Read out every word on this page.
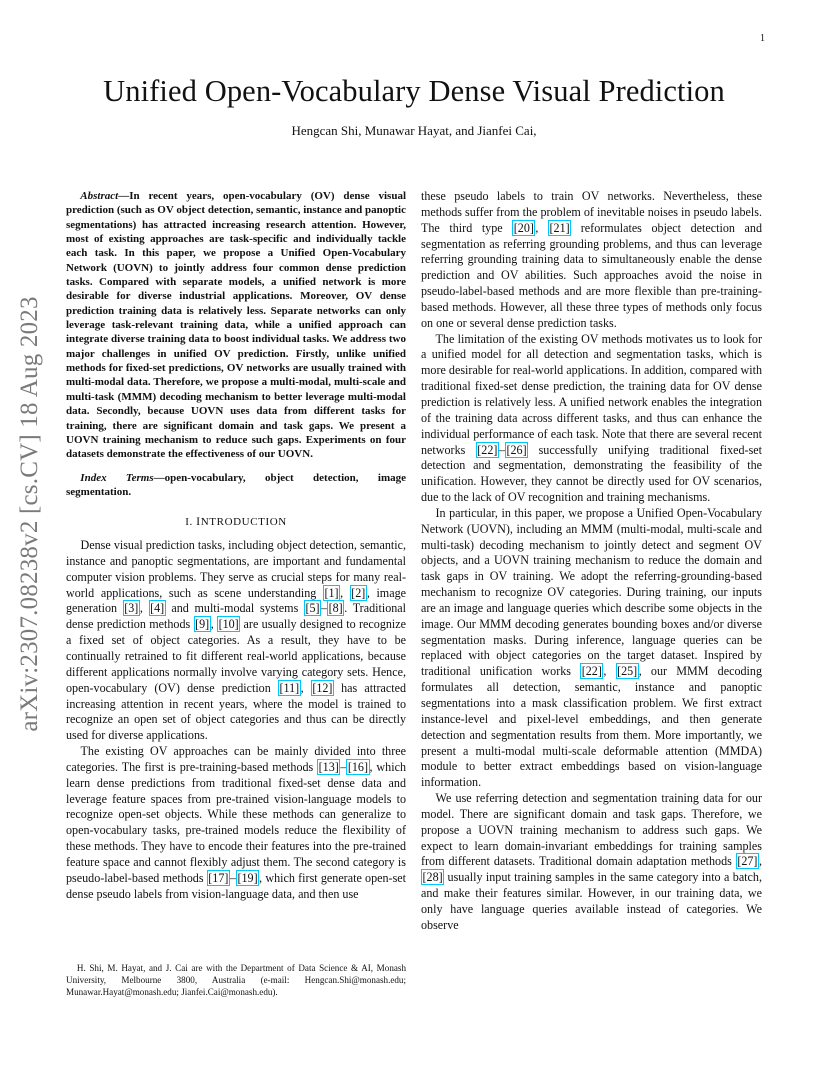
1
arXiv:2307.08238v2 [cs.CV] 18 Aug 2023
Unified Open-Vocabulary Dense Visual Prediction
Hengcan Shi, Munawar Hayat, and Jianfei Cai,

Abstract—In recent years, open-vocabulary (OV) dense visual prediction (such as OV object detection, semantic, instance and panoptic segmentations) has attracted increasing research attention. However, most of existing approaches are task-specific and individually tackle each task. In this paper, we propose a Unified Open-Vocabulary Network (UOVN) to jointly address four common dense prediction tasks. Compared with separate models, a unified network is more desirable for diverse industrial applications. Moreover, OV dense prediction training data is relatively less. Separate networks can only leverage task-relevant training data, while a unified approach can integrate diverse training data to boost individual tasks. We address two major challenges in unified OV prediction. Firstly, unlike unified methods for fixed-set predictions, OV networks are usually trained with multi-modal data. Therefore, we propose a multi-modal, multi-scale and multi-task (MMM) decoding mechanism to better leverage multi-modal data. Secondly, because UOVN uses data from different tasks for training, there are significant domain and task gaps. We present a UOVN training mechanism to reduce such gaps. Experiments on four datasets demonstrate the effectiveness of our UOVN.

Index Terms—open-vocabulary, object detection, image segmentation.

I. INTRODUCTION

Dense visual prediction tasks, including object detection, semantic, instance and panoptic segmentations, are important and fundamental computer vision problems. They serve as crucial steps for many real-world applications, such as scene understanding [1] , [2] , image generation [3] , [4] and multi-modal systems [5] – [8] . Traditional dense prediction methods [9] , [10] are usually designed to recognize a fixed set of object categories. As a result, they have to be continually retrained to fit different real-world applications, because different applications normally involve varying category sets. Hence, open-vocabulary (OV) dense prediction [11] , [12] has attracted increasing attention in recent years, where the model is trained to recognize an open set of object categories and thus can be directly used for diverse applications.

The existing OV approaches can be mainly divided into three categories. The first is pre-training-based methods [13] – [16] , which learn dense predictions from traditional fixed-set dense data and leverage feature spaces from pre-trained vision-language models to recognize open-set objects. While these methods can generalize to open-vocabulary tasks, pre-trained models reduce the flexibility of these methods. They have to encode their features into the pre-trained feature space and cannot flexibly adjust them. The second category is pseudo-label-based methods [17] – [19] , which first generate open-set dense pseudo labels from vision-language data, and then use

H. Shi, M. Hayat, and J. Cai are with the Department of Data Science & AI, Monash University, Melbourne 3800, Australia (e-mail: Hengcan.Shi@monash.edu; Munawar.Hayat@monash.edu; Jianfei.Cai@monash.edu).

these pseudo labels to train OV networks. Nevertheless, these methods suffer from the problem of inevitable noises in pseudo labels. The third type [20] , [21] reformulates object detection and segmentation as referring grounding problems, and thus can leverage referring grounding training data to simultaneously enable the dense prediction and OV abilities. Such approaches avoid the noise in pseudo-label-based methods and are more flexible than pre-training-based methods. However, all these three types of methods only focus on one or several dense prediction tasks.

The limitation of the existing OV methods motivates us to look for a unified model for all detection and segmentation tasks, which is more desirable for real-world applications. In addition, compared with traditional fixed-set dense prediction, the training data for OV dense prediction is relatively less. A unified network enables the integration of the training data across different tasks, and thus can enhance the individual performance of each task. Note that there are several recent networks [22] – [26] successfully unifying traditional fixed-set detection and segmentation, demonstrating the feasibility of the unification. However, they cannot be directly used for OV scenarios, due to the lack of OV recognition and training mechanisms.

In particular, in this paper, we propose a Unified Open-Vocabulary Network (UOVN), including an MMM (multi-modal, multi-scale and multi-task) decoding mechanism to jointly detect and segment OV objects, and a UOVN training mechanism to reduce the domain and task gaps in OV training. We adopt the referring-grounding-based mechanism to recognize OV categories. During training, our inputs are an image and language queries which describe some objects in the image. Our MMM decoding generates bounding boxes and/or diverse segmentation masks. During inference, language queries can be replaced with object categories on the target dataset. Inspired by traditional unification works [22] , [25] , our MMM decoding formulates all detection, semantic, instance and panoptic segmentations into a mask classification problem. We first extract instance-level and pixel-level embeddings, and then generate detection and segmentation results from them. More importantly, we present a multi-modal multi-scale deformable attention (MMDA) module to better extract embeddings based on vision-language information.

We use referring detection and segmentation training data for our model. There are significant domain and task gaps. Therefore, we propose a UOVN training mechanism to address such gaps. We expect to learn domain-invariant embeddings for training samples from different datasets. Traditional domain adaptation methods [27] , [28] usually input training samples in the same category into a batch, and make their features similar. However, in our training data, we only have language queries available instead of categories. We observe
